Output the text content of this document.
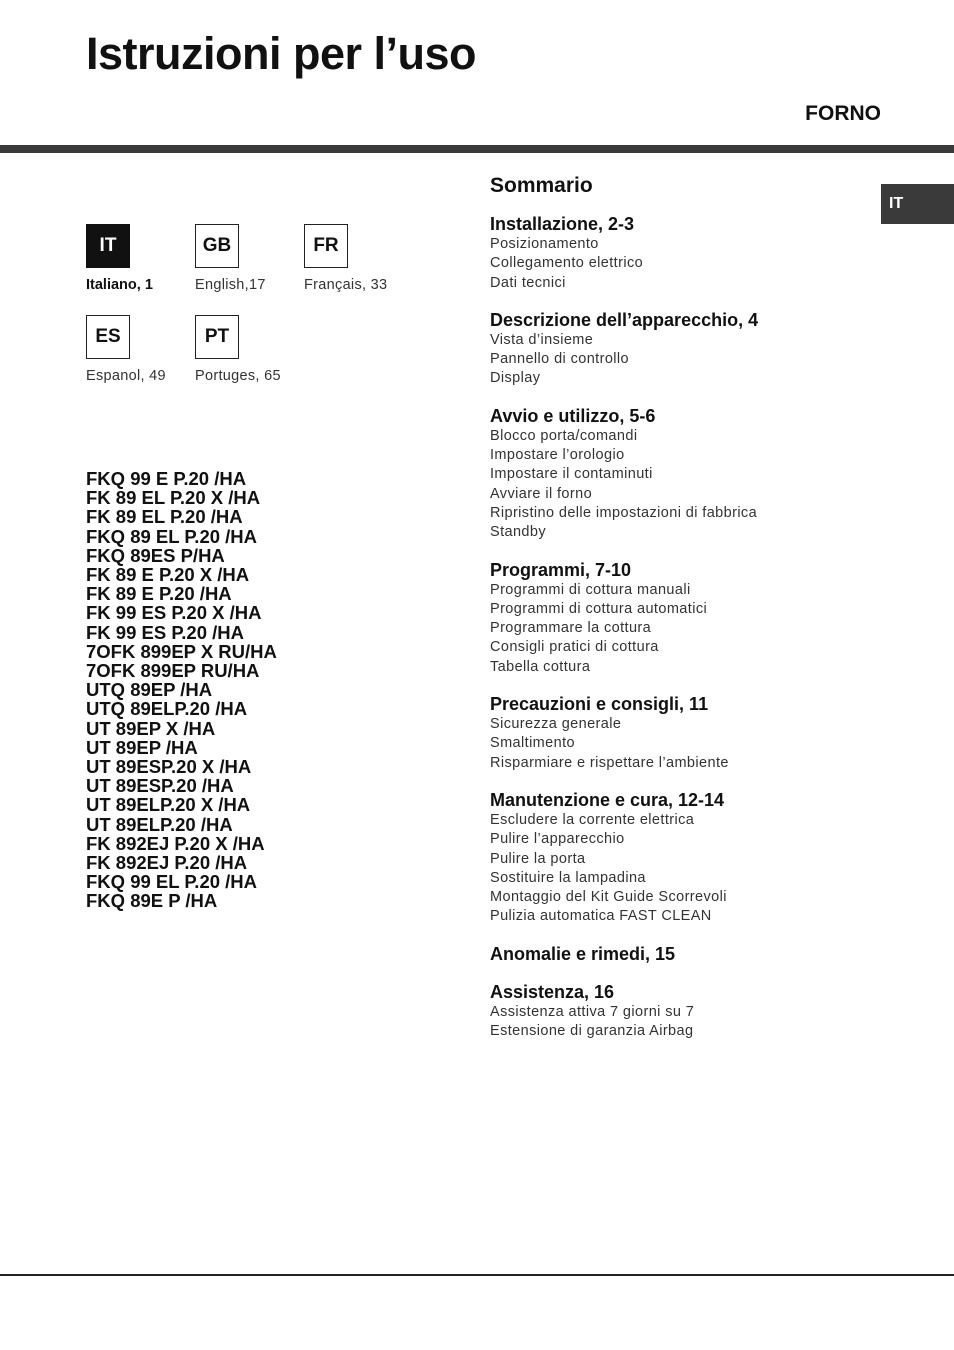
Istruzioni per l’uso
FORNO
IT
IT
Italiano, 1
GB
English,17
FR
Français, 33
ES
Espanol, 49
PT
Portuges, 65
FKQ 99 E P.20 /HA
FK 89 EL P.20 X /HA
FK 89 EL P.20 /HA
FKQ 89 EL P.20 /HA
FKQ 89ES P/HA
FK 89 E P.20 X /HA
FK 89 E P.20 /HA
FK 99 ES P.20 X /HA
FK 99 ES P.20 /HA
7OFK 899EP X RU/HA
7OFK 899EP RU/HA
UTQ 89EP /HA
UTQ 89ELP.20 /HA
UT 89EP X /HA
UT 89EP /HA
UT 89ESP.20 X /HA
UT 89ESP.20 /HA
UT 89ELP.20 X /HA
UT 89ELP.20 /HA
FK 892EJ P.20 X /HA
FK 892EJ P.20 /HA
FKQ 99 EL P.20 /HA
FKQ 89E P /HA
Sommario
Installazione, 2-3
Posizionamento
Collegamento elettrico
Dati tecnici
Descrizione dell’apparecchio, 4
Vista d’insieme
Pannello di controllo
Display
Avvio e utilizzo, 5-6
Blocco porta/comandi
Impostare l’orologio
Impostare il contaminuti
Avviare il forno
Ripristino delle impostazioni di fabbrica
Standby
Programmi, 7-10
Programmi di cottura manuali
Programmi di cottura automatici
Programmare la cottura
Consigli pratici di cottura
Tabella cottura
Precauzioni e consigli, 11
Sicurezza generale
Smaltimento
Risparmiare e rispettare l’ambiente
Manutenzione e cura, 12-14
Escludere la corrente elettrica
Pulire l’apparecchio
Pulire la porta
Sostituire la lampadina
Montaggio del Kit Guide Scorrevoli
Pulizia automatica FAST CLEAN
Anomalie e rimedi, 15
Assistenza, 16
Assistenza attiva 7 giorni su 7
Estensione di garanzia Airbag
